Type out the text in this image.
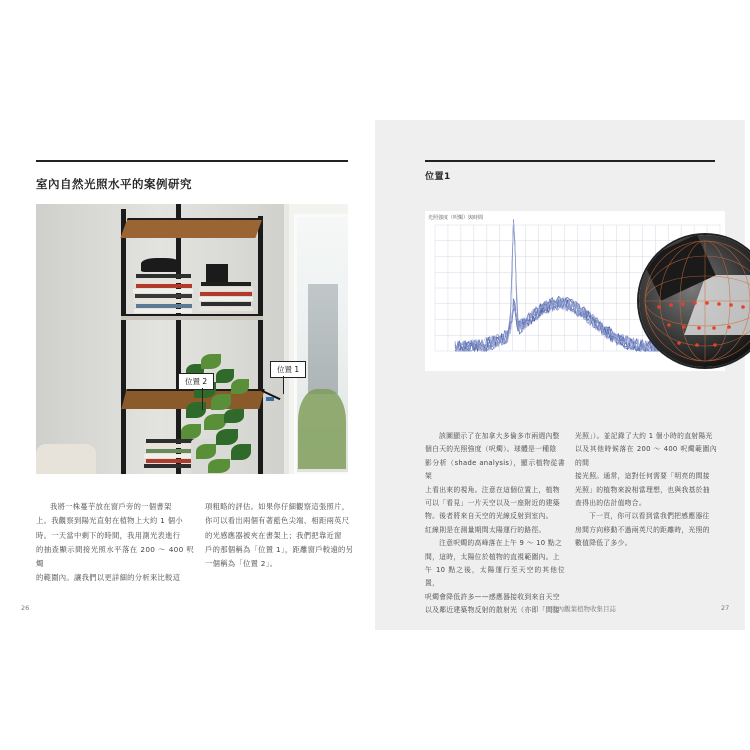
室內自然光照水平的案例研究
位置 1
位置 2
我將一株蔓芋放在窗戶旁的一個書架
上。我觀察到陽光直射在植物上大約 1 個小
時。一天當中剩下的時間，我用測光表進行
的抽查顯示間接光照水平落在 200 ～ 400 呎燭
的範圍內。讓我們以更詳細的分析來比較這
項粗略的評估。如果你仔細觀察這張照片，
你可以看出兩個有著藍色尖端、相距兩英尺
的光感應器被夾在書架上；我們把靠近窗
戶的那個稱為「位置 1」，距離窗戶較遠的另
一個稱為「位置 2」。
26
位置1
光照強度（呎燭）與時間
該圖顯示了在加拿大多倫多市兩週內整
個白天的光照強度（呎燭）。球體是一種陰
影分析（shade analysis），顯示植物從書架
上看出來的視角。注意在這個位置上，植物
可以「看見」一片天空以及一座附近的建築
物。後者將來自天空的光線反射到室內。
紅線則是在測量期間太陽運行的路徑。
注意呎燭的高峰落在上午 9 ～ 10 點之
間，這時，太陽位於植物的直視範圍內。上
午 10 點之後，太陽運行至天空的其他位置，
呎燭會降低許多——感應器接收到來自天空
以及鄰近建築物反射的散射光（亦即「間接
光照」）。並記錄了大約 1 個小時的直射陽光
以及其他時候落在 200 ～ 400 呎燭範圍內的間
接光照。通常，這對任何需要「明亮的間接
光照」的植物來說相當理想，也與我基於抽
查得出的估計值吻合。
下一頁，你可以看到當我們把感應器往
房間方向移動不過兩英尺的距離時，光照的
數值降低了多少。
室內觀葉植物收集目誌	27
